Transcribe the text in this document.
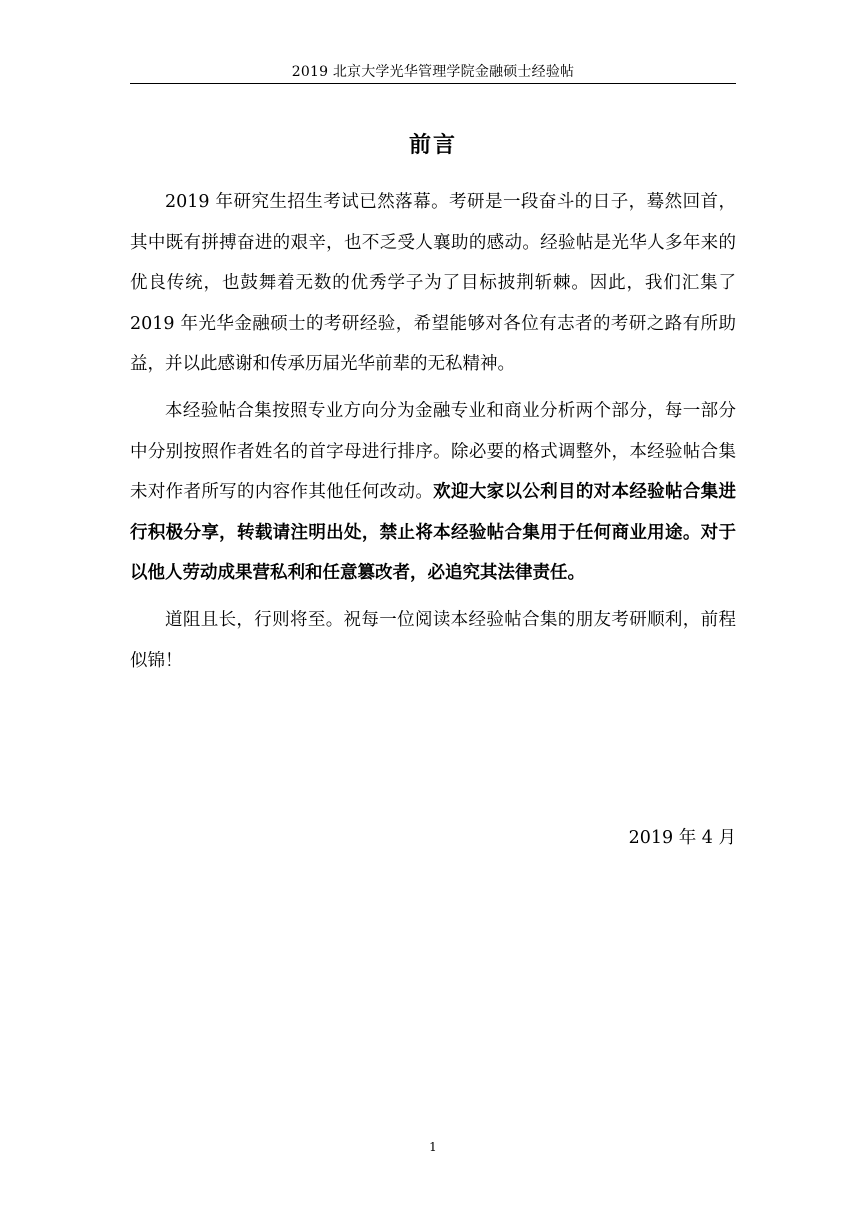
2019 北京大学光华管理学院金融硕士经验帖
前言

2019 年研究生招生考试已然落幕。考研是一段奋斗的日子，蓦然回首，其中既有拼搏奋进的艰辛，也不乏受人襄助的感动。经验帖是光华人多年来的优良传统，也鼓舞着无数的优秀学子为了目标披荆斩棘。因此，我们汇集了 2019 年光华金融硕士的考研经验，希望能够对各位有志者的考研之路有所助益，并以此感谢和传承历届光华前辈的无私精神。

本经验帖合集按照专业方向分为金融专业和商业分析两个部分，每一部分中分别按照作者姓名的首字母进行排序。除必要的格式调整外，本经验帖合集未对作者所写的内容作其他任何改动。欢迎大家以公利目的对本经验帖合集进行积极分享，转载请注明出处，禁止将本经验帖合集用于任何商业用途。对于以他人劳动成果营私利和任意篡改者，必追究其法律责任。

道阻且长，行则将至。祝每一位阅读本经验帖合集的朋友考研顺利，前程似锦！

2019 年 4 月
1
